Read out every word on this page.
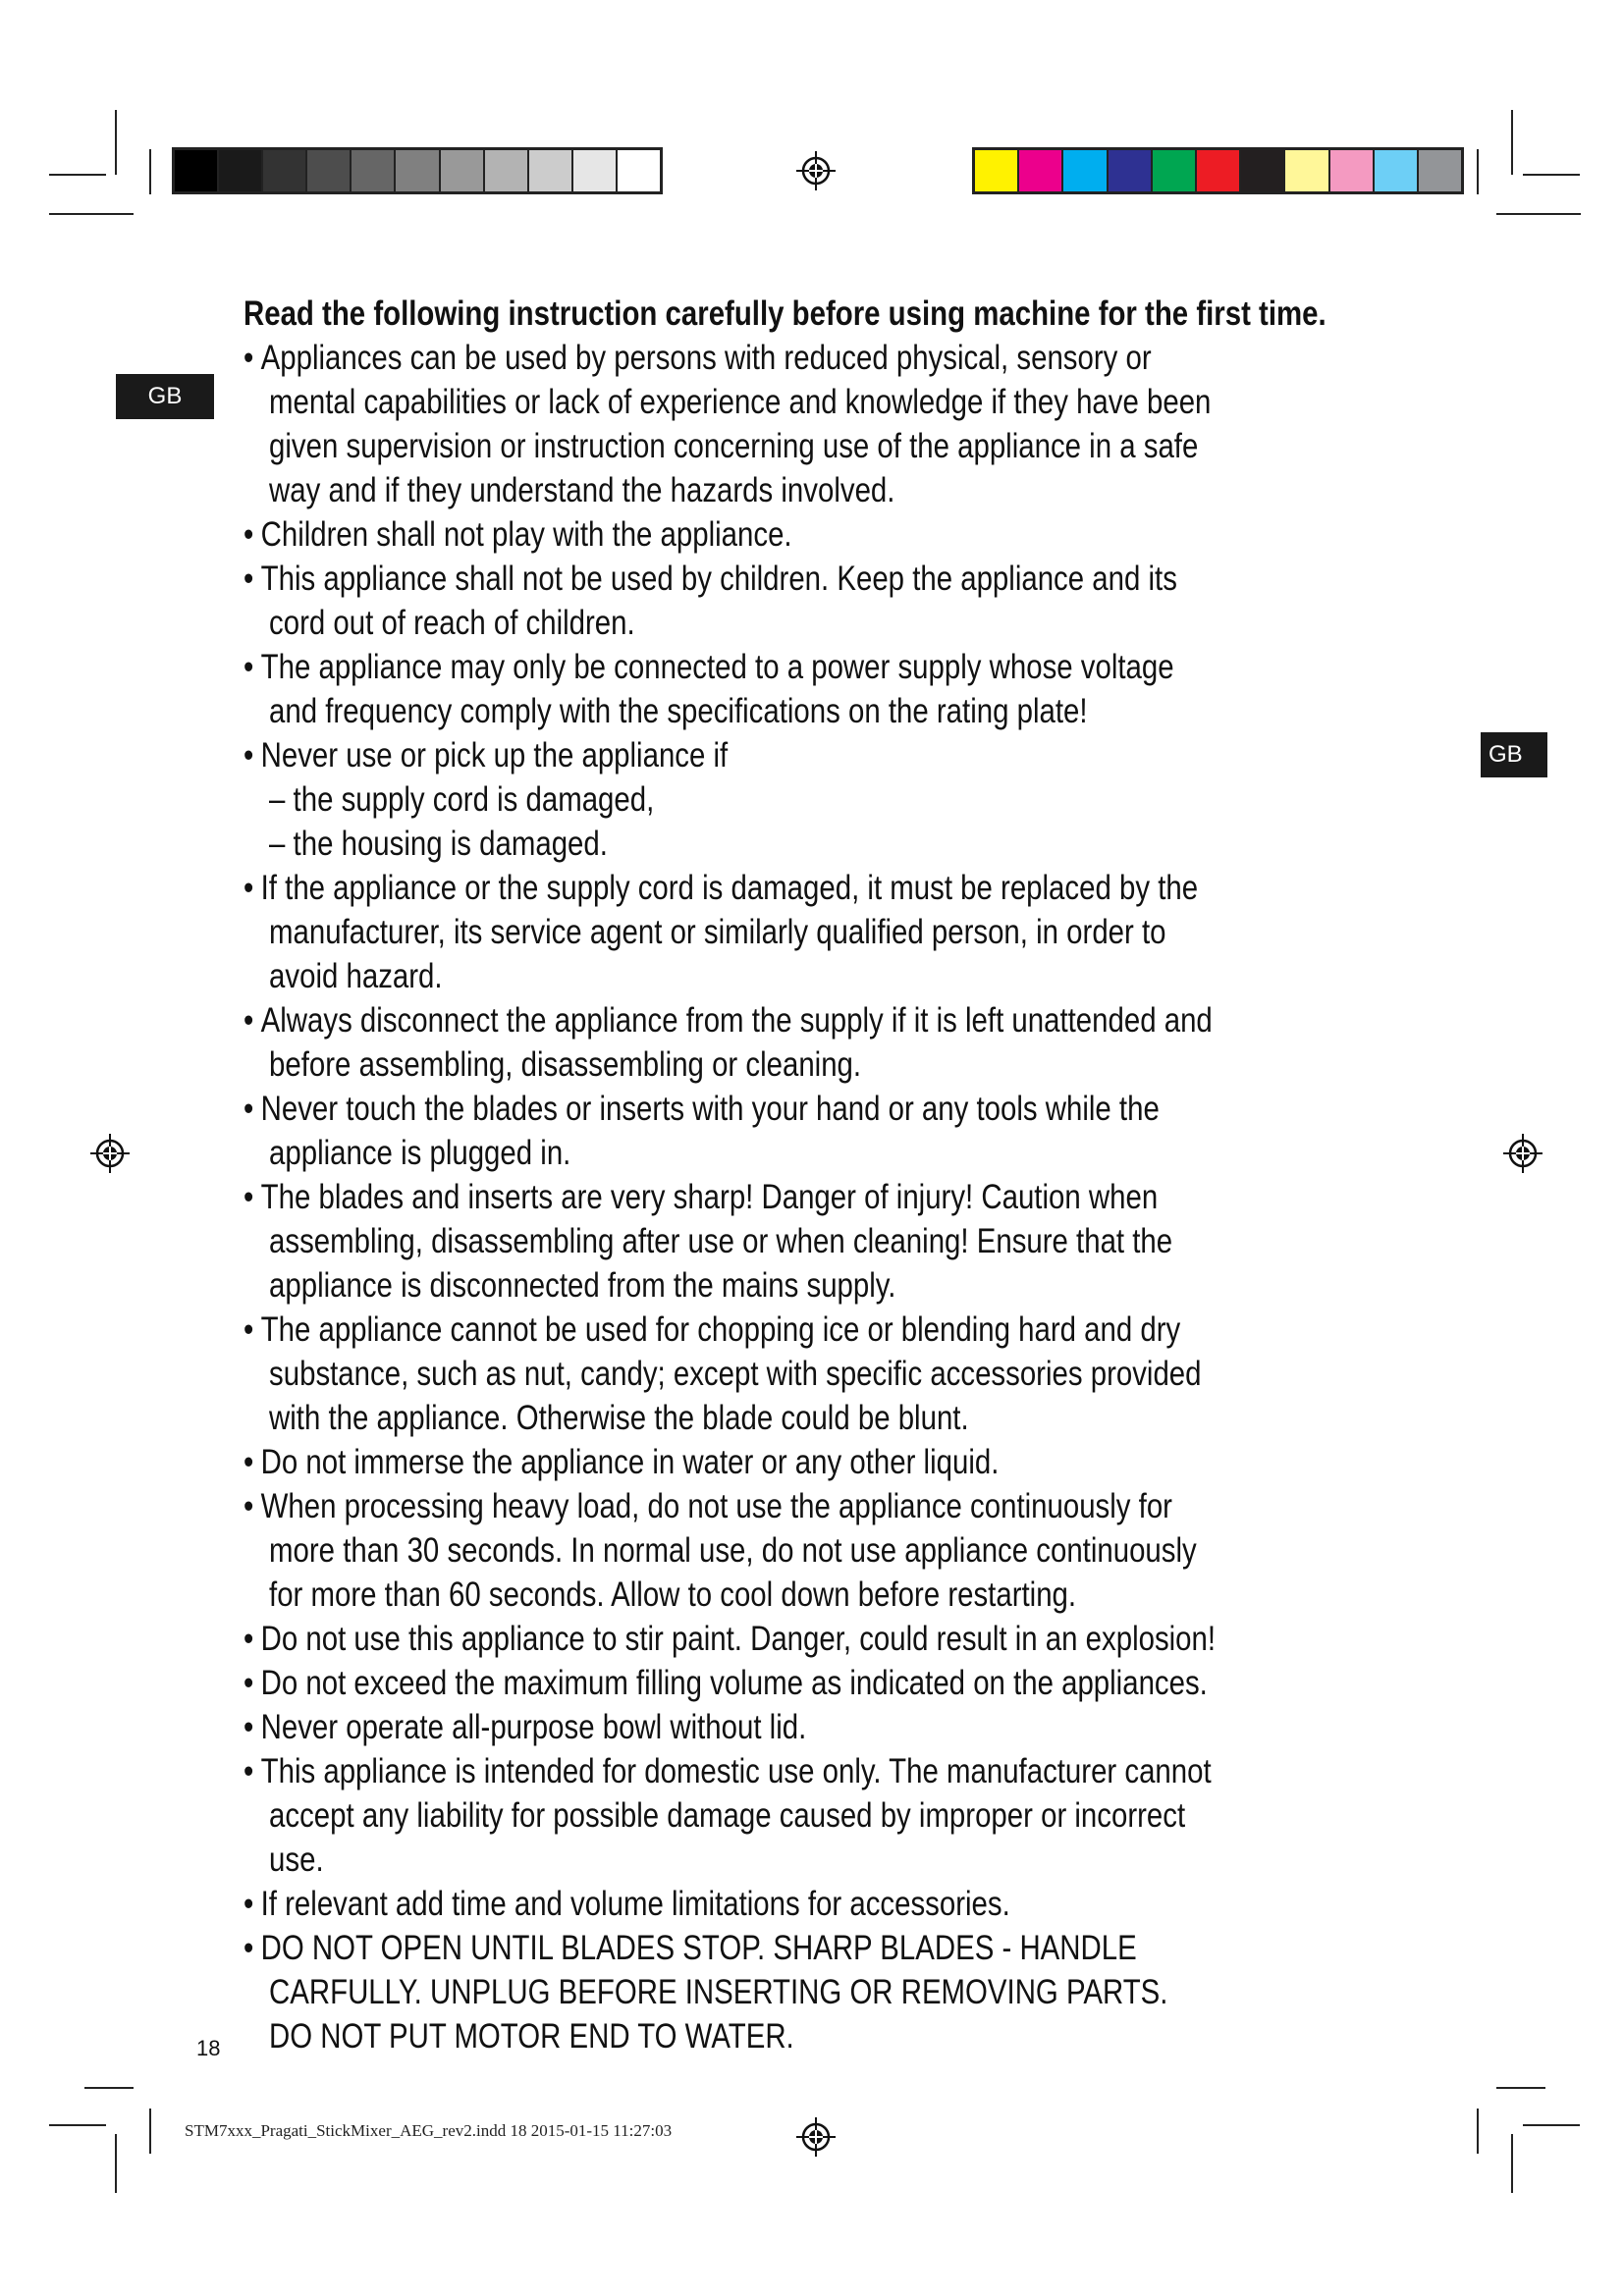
GB
GB

Read the following instruction carefully before using machine for the first time.

• Appliances can be used by persons with reduced physical, sensory or mental capabilities or lack of experience and knowledge if they have been given supervision or instruction concerning use of the appliance in a safe way and if they understand the hazards involved.
• Children shall not play with the appliance.
• This appliance shall not be used by children. Keep the appliance and its cord out of reach of children.
• The appliance may only be connected to a power supply whose voltage and frequency comply with the specifications on the rating plate!
• Never use or pick up the appliance if
– the supply cord is damaged,
– the housing is damaged.
• If the appliance or the supply cord is damaged, it must be replaced by the manufacturer, its service agent or similarly qualified person, in order to avoid hazard.
• Always disconnect the appliance from the supply if it is left unattended and before assembling, disassembling or cleaning.
• Never touch the blades or inserts with your hand or any tools while the appliance is plugged in.
• The blades and inserts are very sharp! Danger of injury! Caution when assembling, disassembling after use or when cleaning! Ensure that the appliance is disconnected from the mains supply.
• The appliance cannot be used for chopping ice or blending hard and dry substance, such as nut, candy; except with specific accessories provided with the appliance. Otherwise the blade could be blunt.
• Do not immerse the appliance in water or any other liquid.
• When processing heavy load, do not use the appliance continuously for more than 30 seconds. In normal use, do not use appliance continuously for more than 60 seconds. Allow to cool down before restarting.
• Do not use this appliance to stir paint. Danger, could result in an explosion!
• Do not exceed the maximum filling volume as indicated on the appliances.
• Never operate all-purpose bowl without lid.
• This appliance is intended for domestic use only. The manufacturer cannot accept any liability for possible damage caused by improper or incorrect use.
• If relevant add time and volume limitations for accessories.
• DO NOT OPEN UNTIL BLADES STOP. SHARP BLADES - HANDLE CARFULLY. UNPLUG BEFORE INSERTING OR REMOVING PARTS. DO NOT PUT MOTOR END TO WATER.
18
STM7xxx_Pragati_StickMixer_AEG_rev2.indd 18 2015-01-15 11:27:03
